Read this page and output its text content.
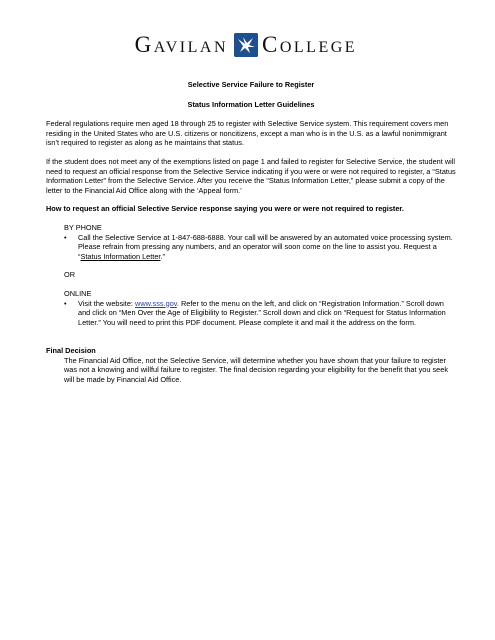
Gavilan College

Selective Service Failure to Register

Status Information Letter Guidelines

Federal regulations require men aged 18 through 25 to register with Selective Service system. This requirement covers men residing in the United States who are U.S. citizens or noncitizens, except a man who is in the U.S. as a lawful nonimmigrant isn’t required to register as along as he maintains that status.

If the student does not meet any of the exemptions listed on page 1 and failed to register for Selective Service, the student will need to request an official response from the Selective Service indicating if you were or were not required to register, a “Status Information Letter” from the Selective Service. After you receive the “Status Information Letter,” please submit a copy of the letter to the Financial Aid Office along with the ‘Appeal form.’

How to request an official Selective Service response saying you were or were not required to register.

BY PHONE

• Call the Selective Service at 1-847-688-6888. Your call will be answered by an automated voice processing system. Please refrain from pressing any numbers, and an operator will soon come on the line to assist you. Request a “Status Information Letter.”

OR

ONLINE

• Visit the website: www.sss.gov. Refer to the menu on the left, and click on “Registration Information.” Scroll down and click on “Men Over the Age of Eligibility to Register.” Scroll down and click on “Request for Status Information Letter.” You will need to print this PDF document. Please complete it and mail it the address on the form.

Final Decision

The Financial Aid Office, not the Selective Service, will determine whether you have shown that your failure to register was not a knowing and willful failure to register. The final decision regarding your eligibility for the benefit that you seek will be made by Financial Aid Office.
